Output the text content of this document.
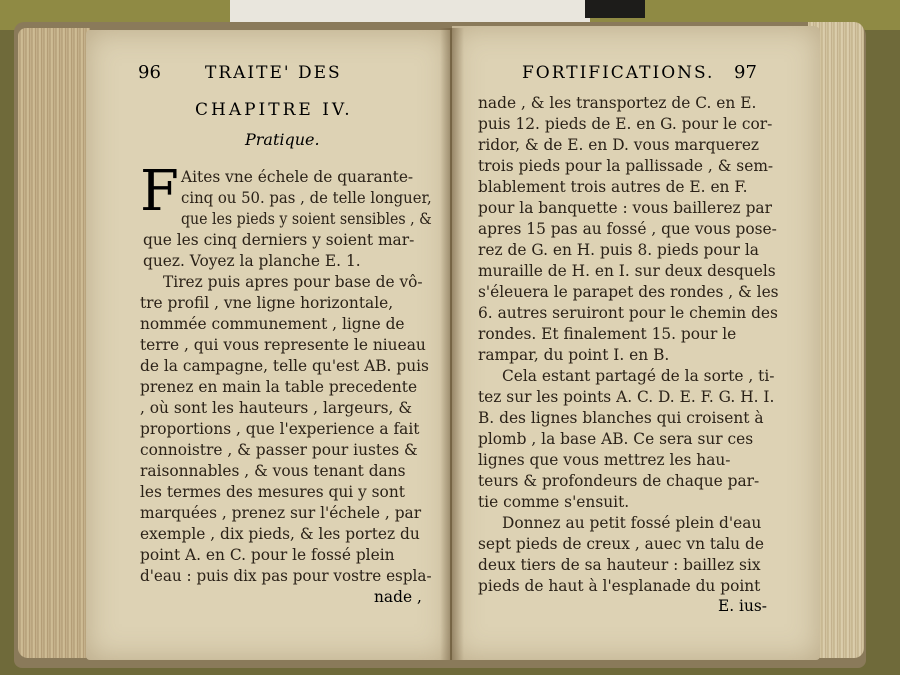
96	TRAITE' DES
CHAPITRE IV.
Pratique.
F Aites vne échele de quarante-
cinq ou 50. pas , de telle longuer,
que les pieds y soient sensibles , &
que les cinq derniers y soient mar-
quez. Voyez la planche E. 1.
Tirez puis apres pour base de vô-
tre profil , vne ligne horizontale,
nommée communement , ligne de
terre , qui vous represente le niueau
de la campagne, telle qu'est AB. puis
prenez en main la table precedente
, où sont les hauteurs , largeurs, &
proportions , que l'experience a fait
connoistre , & passer pour iustes &
raisonnables , & vous tenant dans
les termes des mesures qui y sont
marquées , prenez sur l'échele , par
exemple , dix pieds, & les portez du
point A. en C. pour le fossé plein
d'eau : puis dix pas pour vostre espla-
nade ,
FORTIFICATIONS. 97
nade , & les transportez de C. en E.
puis 12. pieds de E. en G. pour le cor-
ridor, & de E. en D. vous marquerez
trois pieds pour la pallissade , & sem-
blablement trois autres de E. en F.
pour la banquette : vous baillerez par
apres 15 pas au fossé , que vous pose-
rez de G. en H. puis 8. pieds pour la
muraille de H. en I. sur deux desquels
s'éleuera le parapet des rondes , & les
6. autres seruiront pour le chemin des
rondes. Et finalement 15. pour le
rampar, du point I. en B.
Cela estant partagé de la sorte , ti-
tez sur les points A. C. D. E. F. G. H. I.
B. des lignes blanches qui croisent à
plomb , la base AB. Ce sera sur ces
lignes que vous mettrez les hau-
teurs & profondeurs de chaque par-
tie comme s'ensuit.
Donnez au petit fossé plein d'eau
sept pieds de creux , auec vn talu de
deux tiers de sa hauteur : baillez six
pieds de haut à l'esplanade du point
E. ius-
